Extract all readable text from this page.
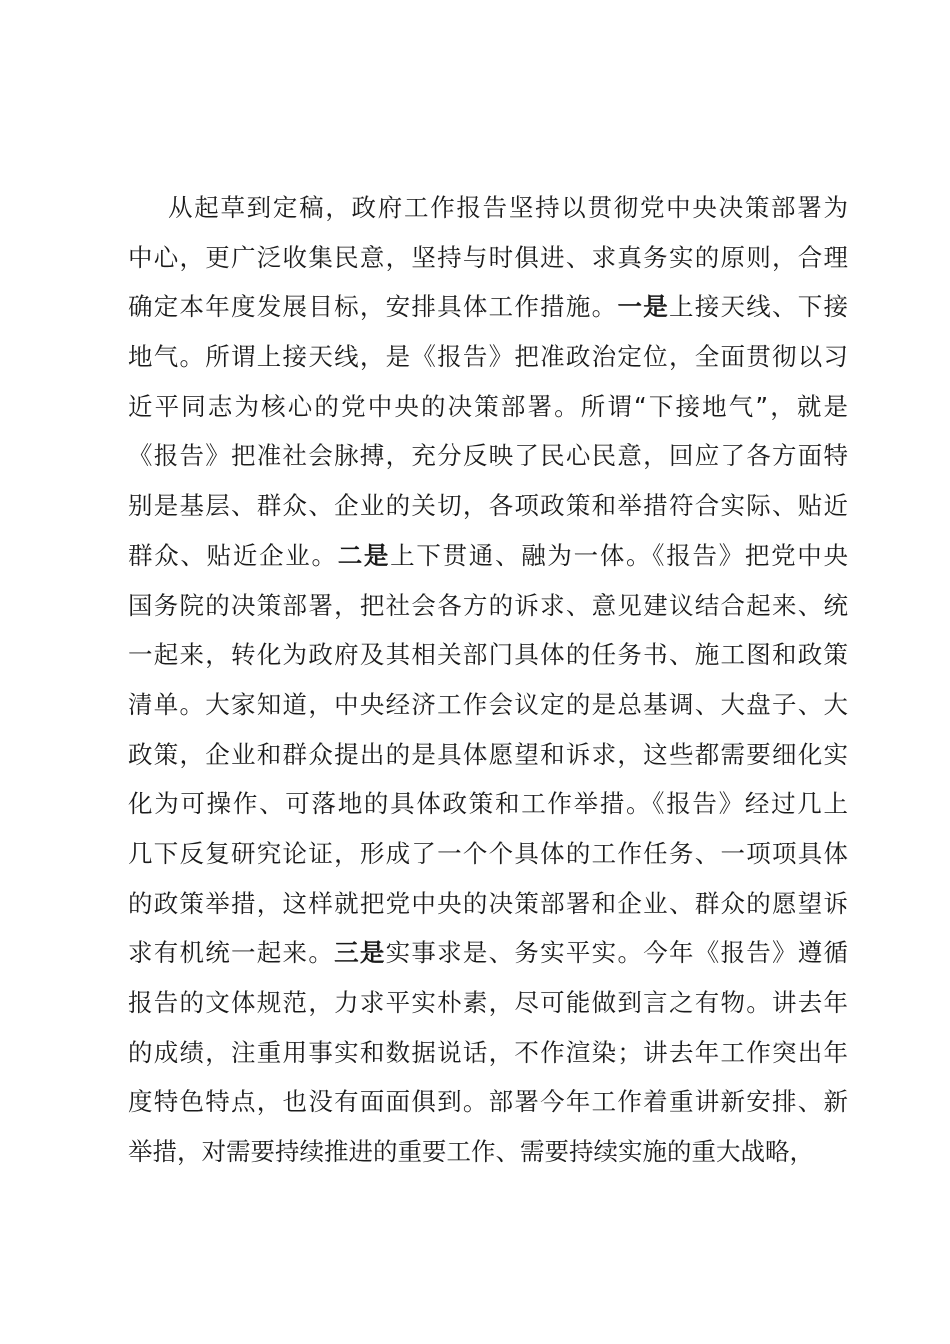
从起草到定稿，政府工作报告坚持以贯彻党中央决策部署为
中心，更广泛收集民意，坚持与时俱进、求真务实的原则，合理
确定本年度发展目标，安排具体工作措施。一是上接天线、下接
地气。所谓上接天线，是《报告》把准政治定位，全面贯彻以习
近平同志为核心的党中央的决策部署。所谓“下接地气”，就是
《报告》把准社会脉搏，充分反映了民心民意，回应了各方面特
别是基层、群众、企业的关切，各项政策和举措符合实际、贴近
群众、贴近企业。二是上下贯通、融为一体。《报告》把党中央
国务院的决策部署，把社会各方的诉求、意见建议结合起来、统
一起来，转化为政府及其相关部门具体的任务书、施工图和政策
清单。大家知道，中央经济工作会议定的是总基调、大盘子、大
政策，企业和群众提出的是具体愿望和诉求，这些都需要细化实
化为可操作、可落地的具体政策和工作举措。《报告》经过几上
几下反复研究论证，形成了一个个具体的工作任务、一项项具体
的政策举措，这样就把党中央的决策部署和企业、群众的愿望诉
求有机统一起来。三是实事求是、务实平实。今年《报告》遵循
报告的文体规范，力求平实朴素，尽可能做到言之有物。讲去年
的成绩，注重用事实和数据说话，不作渲染；讲去年工作突出年
度特色特点，也没有面面俱到。部署今年工作着重讲新安排、新
举措，对需要持续推进的重要工作、需要持续实施的重大战略，
